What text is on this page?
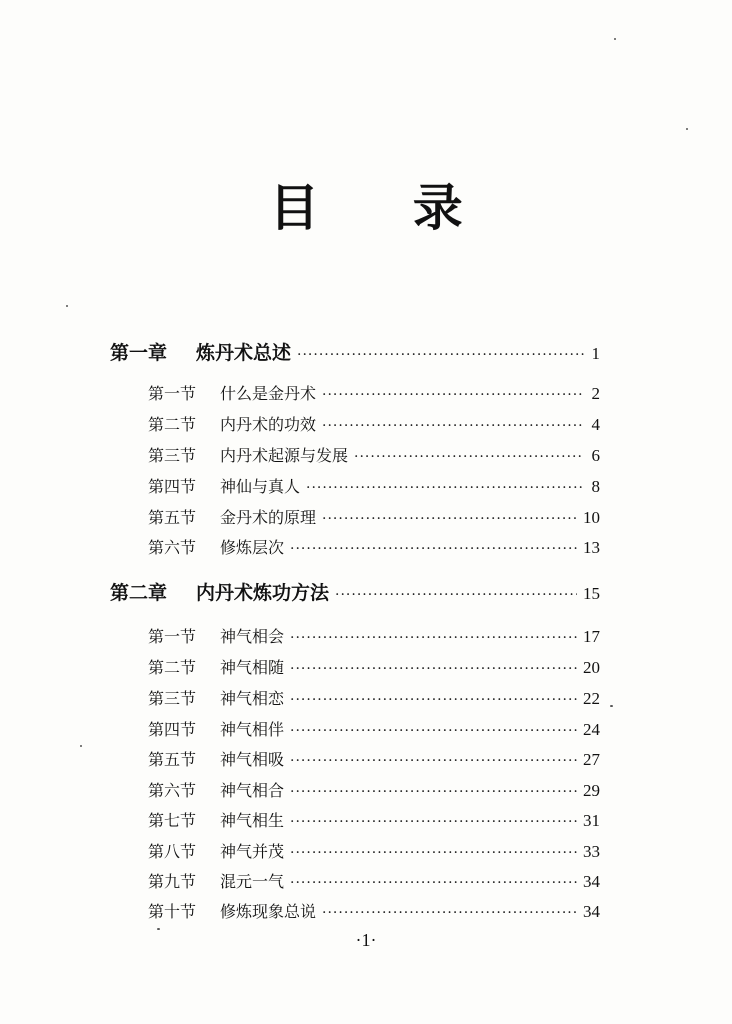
目 录
第一章	炼丹术总述 ·····	1
第一节	什么是金丹术 ·····	2
第二节	内丹术的功效 ·····	4
第三节	内丹术起源与发展 ·····	6
第四节	神仙与真人 ·····	8
第五节	金丹术的原理 ·····	10
第六节	修炼层次 ·····	13
第二章	内丹术炼功方法 ·····	15
第一节	神气相会 ·····	17
第二节	神气相随 ·····	20
第三节	神气相恋 ·····	22
第四节	神气相伴 ·····	24
第五节	神气相吸 ·····	27
第六节	神气相合 ·····	29
第七节	神气相生 ·····	31
第八节	神气并茂 ·····	33
第九节	混元一气 ·····	34
第十节	修炼现象总说 ·····	34
·1·
